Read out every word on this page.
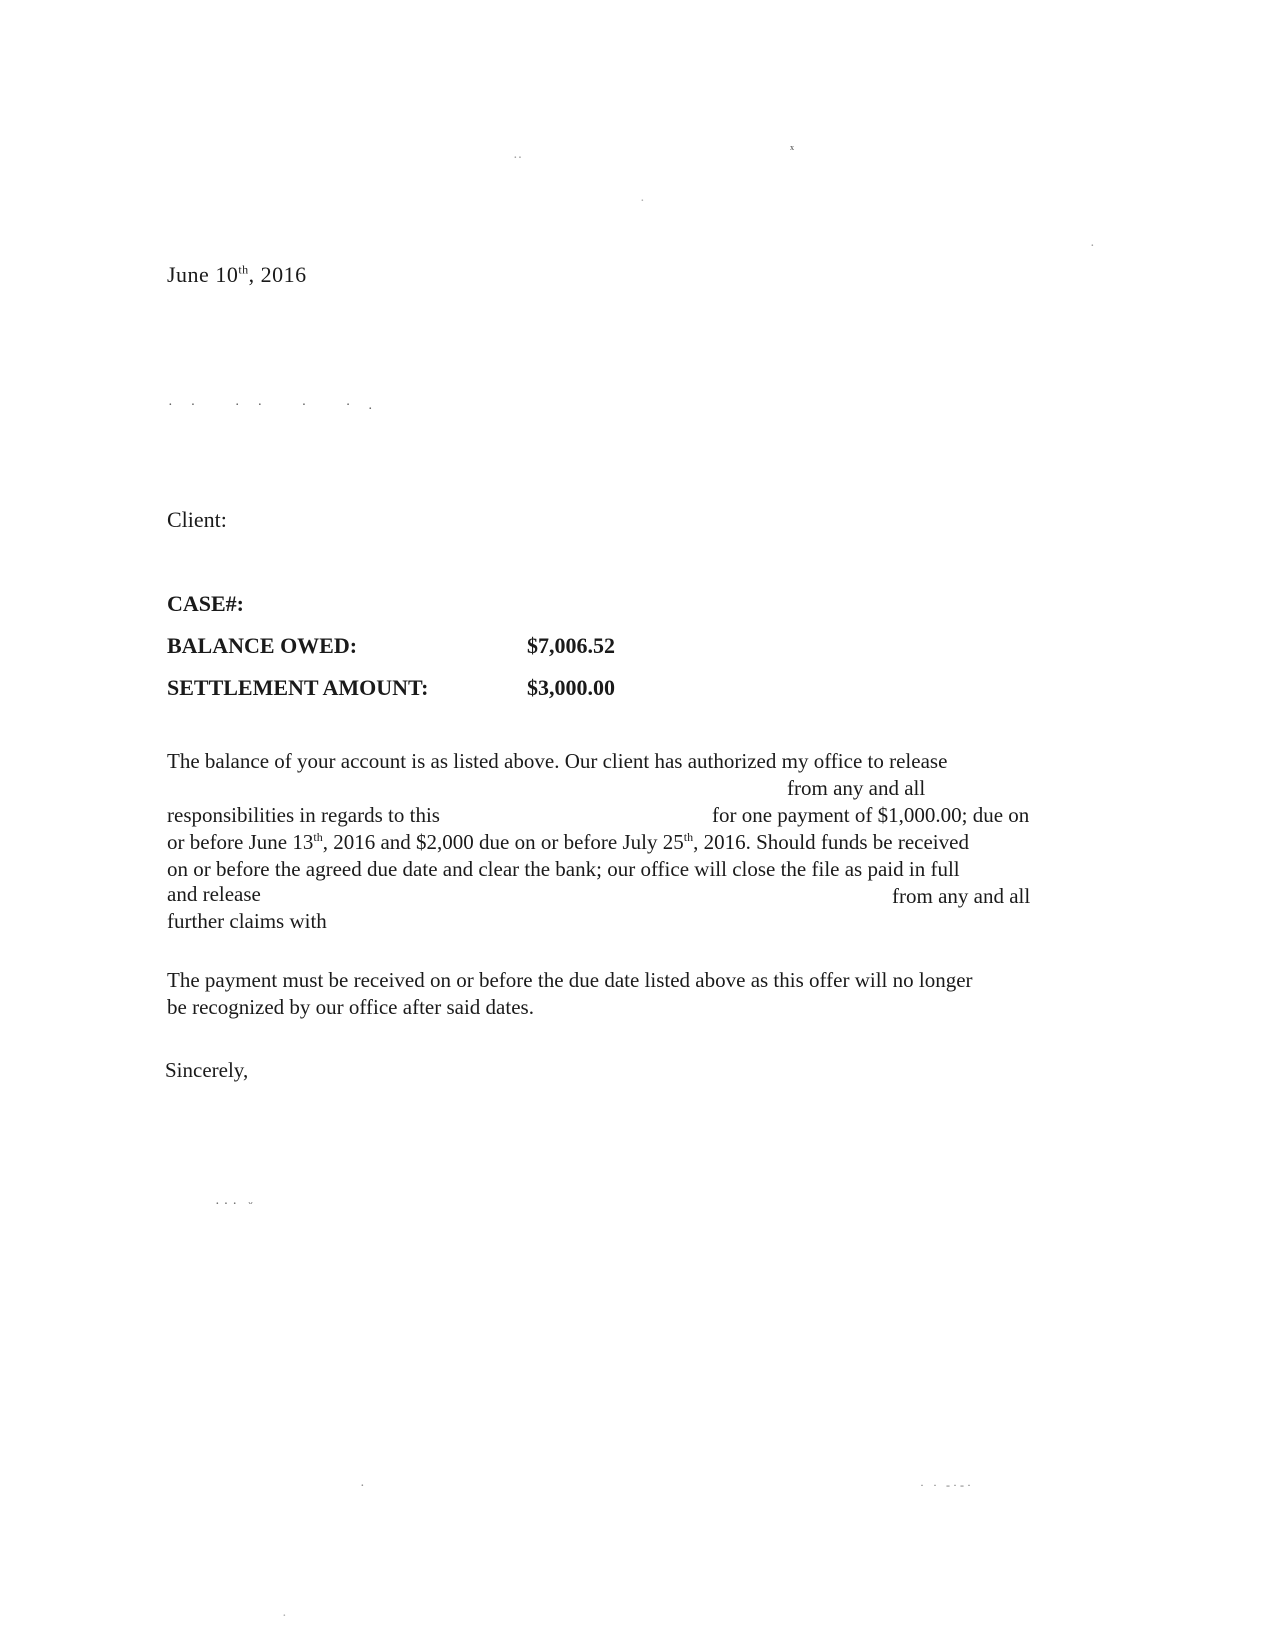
ˣ
··
·
·
·
·
June 10th, 2016
·· ·· · ·.
Client:
CASE#:
BALANCE OWED:	$7,006.52
SETTLEMENT AMOUNT:	$3,000.00
The balance of your account is as listed above. Our client has authorized my office to release
from any and all
responsibilities in regards to this	for one payment of $1,000.00; due on
or before June 13th, 2016 and $2,000 due on or before July 25th, 2016. Should funds be received
on or before the agreed due date and clear the bank; our office will close the file as paid in full
and release	from any and all
further claims with
The payment must be received on or before the due date listed above as this offer will no longer
be recognized by our office after said dates.
Sincerely,
··· ᵕ
· · -·-·
